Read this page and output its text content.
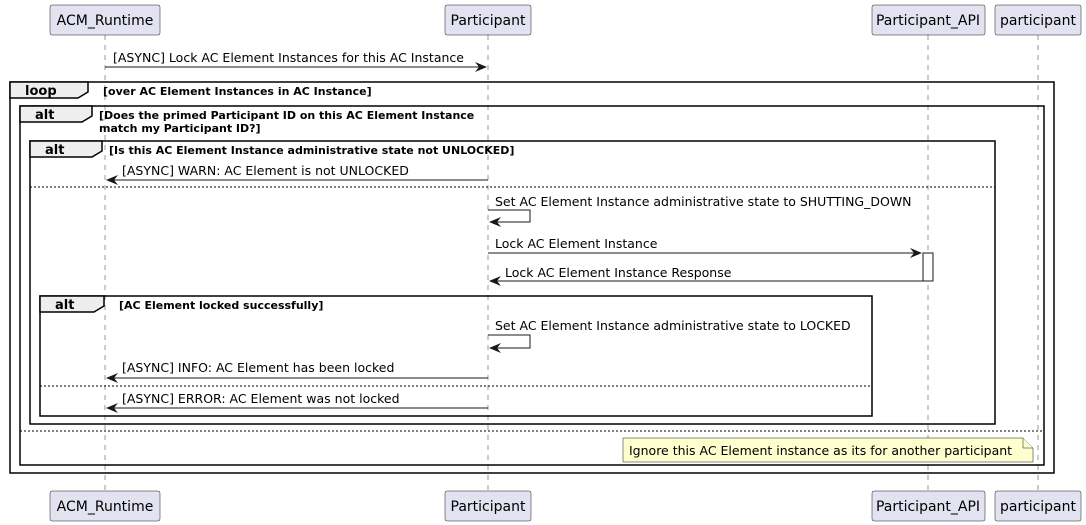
ACM_Runtime	Participant	Participant_API participant
ACM_Runtime	Participant	Participant_API participant
[ASYNC] Lock AC Element Instances for this AC Instance
loop	[over AC Element Instances in AC Instance]
alt	[Does the primed Participant ID on this AC Element Instance
match my Participant ID?]
alt	[Is this AC Element Instance administrative state not UNLOCKED]
[ASYNC] WARN: AC Element is not UNLOCKED
Set AC Element Instance administrative state to SHUTTING_DOWN
Lock AC Element Instance
Lock AC Element Instance Response
alt	[AC Element locked successfully]
Set AC Element Instance administrative state to LOCKED
[ASYNC] INFO: AC Element has been locked
[ASYNC] ERROR: AC Element was not locked
Ignore this AC Element instance as its for another participant
